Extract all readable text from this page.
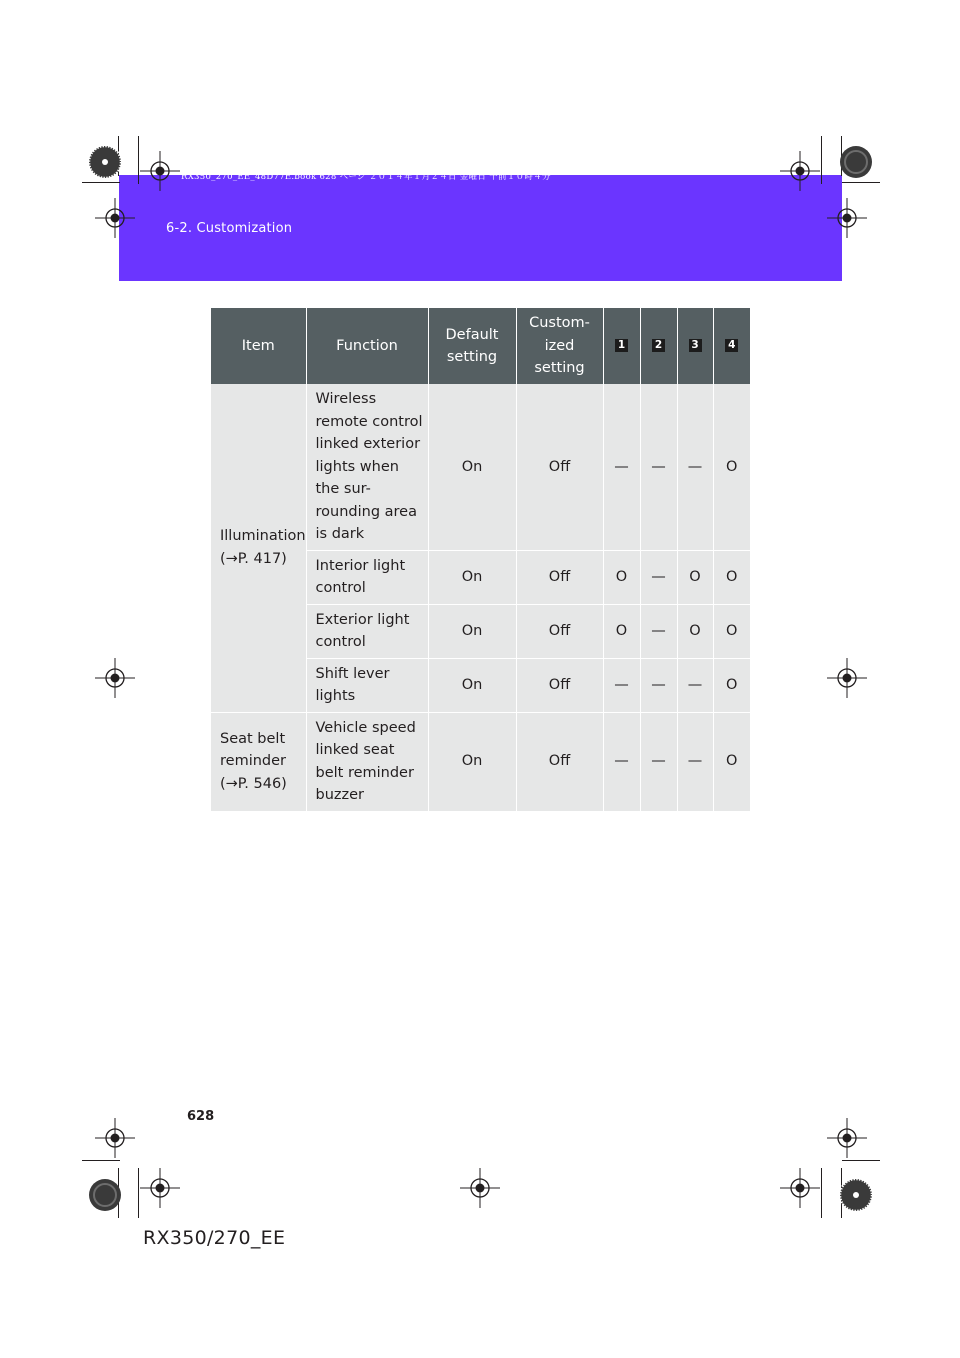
RX350_270_EE_48D77E.book 628 ページ ２０１４年１月２４日 金曜日 午前１０時４分
6-2. Customization
Item	Function	Default setting	Custom-ized setting	1	2	3	4
Illumination (→P. 417)	Wireless remote control linked exterior lights when the sur-rounding area is dark	On	Off	—	—	—	O
	Interior light control	On	Off	O	—	O	O
	Exterior light control	On	Off	O	—	O	O
	Shift lever lights	On	Off	—	—	—	O
Seat belt reminder (→P. 546)	Vehicle speed linked seat belt reminder buzzer	On	Off	—	—	—	O
628
RX350/270_EE
